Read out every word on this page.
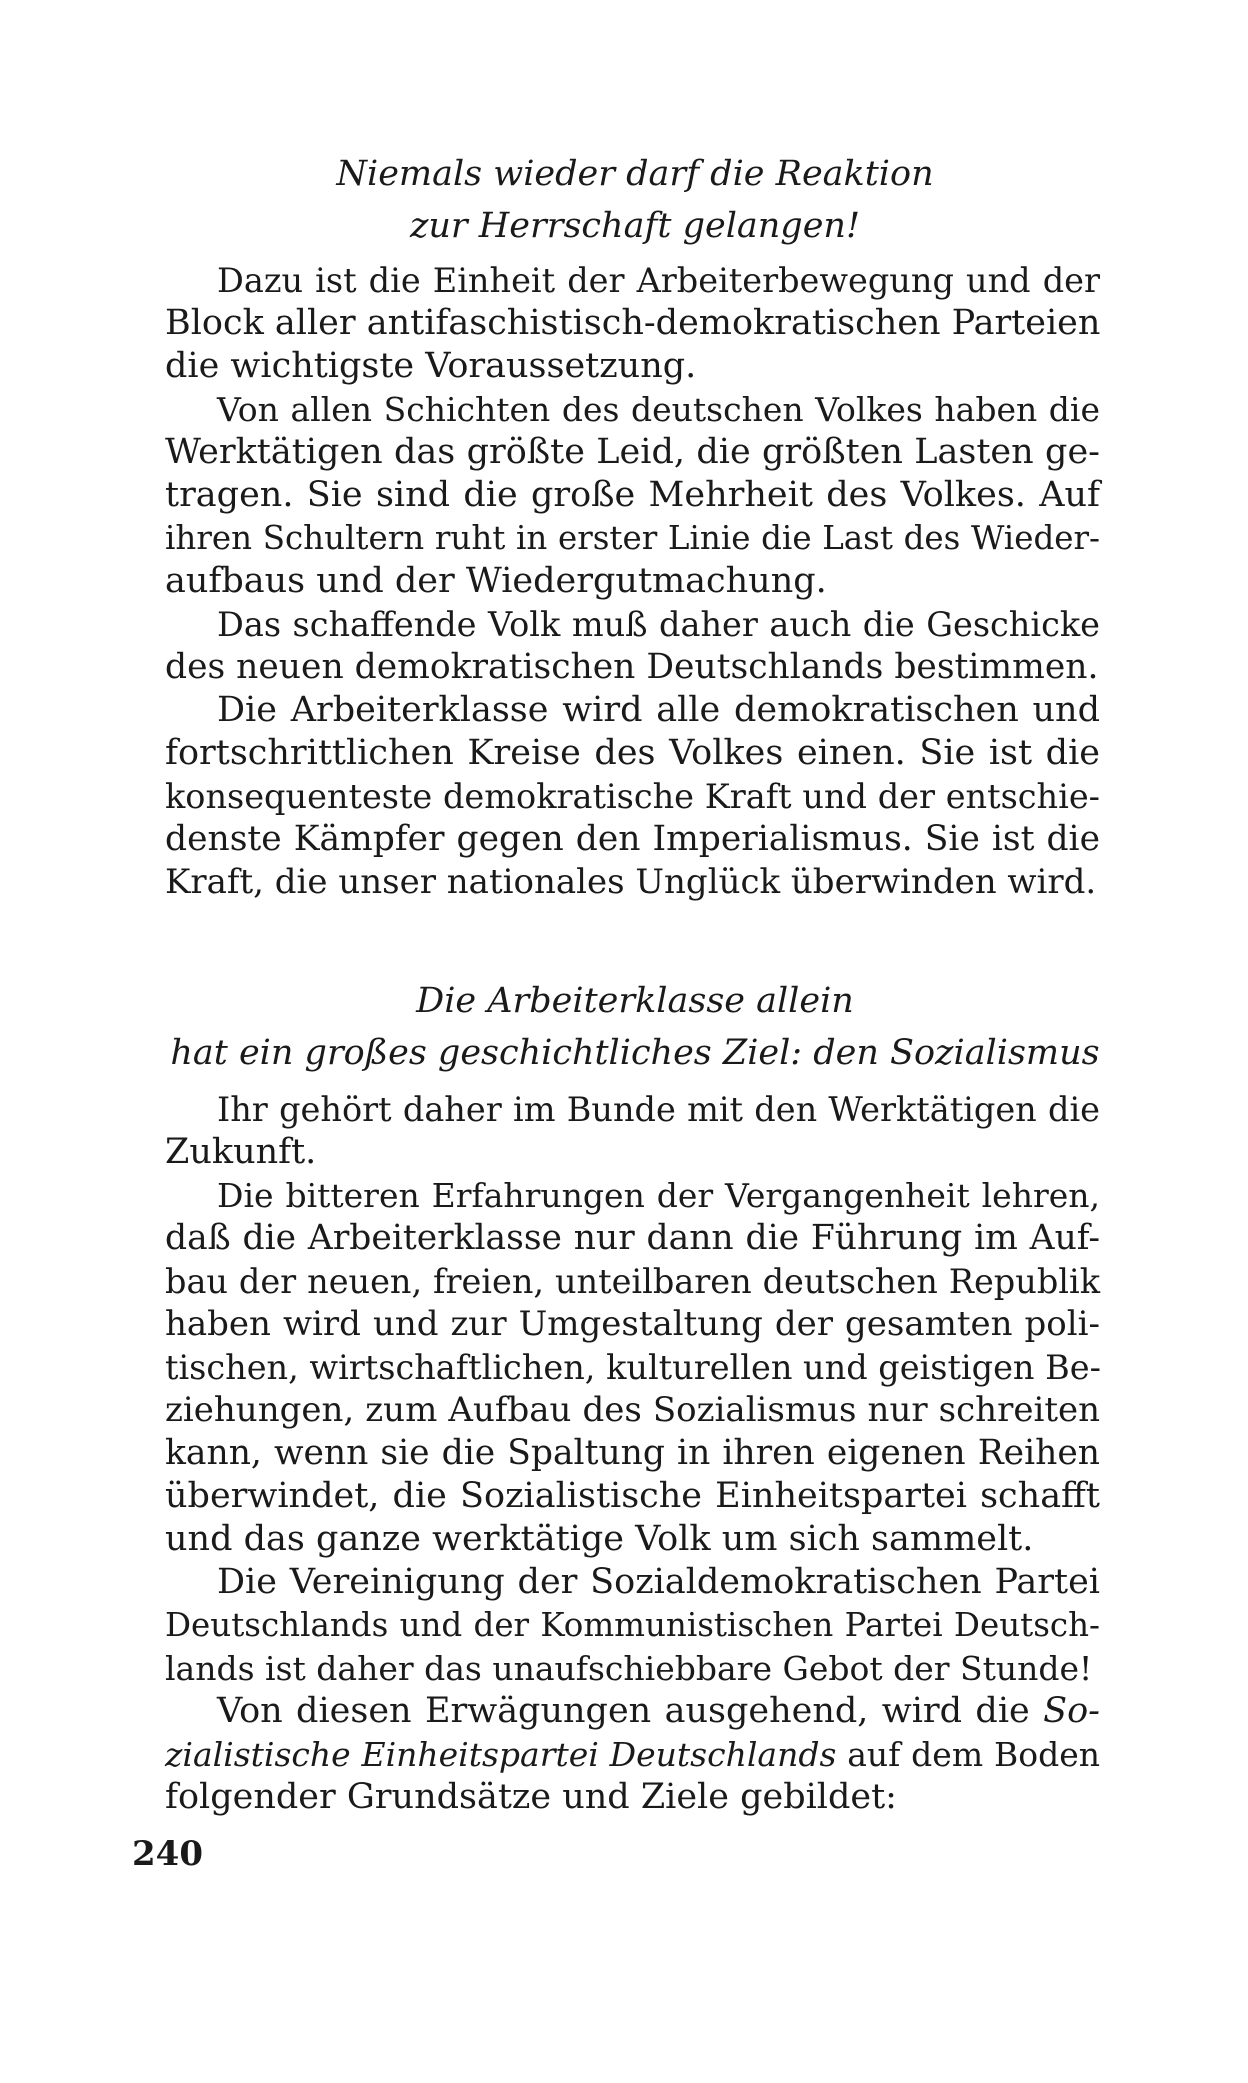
Niemals wieder darf die Reaktion
zur Herrschaft gelangen!
Dazu ist die Einheit der Arbeiterbewegung und der
Block aller antifaschistisch-demokratischen Parteien
die wichtigste Voraussetzung.
Von allen Schichten des deutschen Volkes haben die
Werktätigen das größte Leid, die größten Lasten ge-
tragen. Sie sind die große Mehrheit des Volkes. Auf
ihren Schultern ruht in erster Linie die Last des Wieder-
aufbaus und der Wiedergutmachung.
Das schaffende Volk muß daher auch die Geschicke
des neuen demokratischen Deutschlands bestimmen.
Die Arbeiterklasse wird alle demokratischen und
fortschrittlichen Kreise des Volkes einen. Sie ist die
konsequenteste demokratische Kraft und der entschie-
denste Kämpfer gegen den Imperialismus. Sie ist die
Kraft, die unser nationales Unglück überwinden wird.
Die Arbeiterklasse allein
hat ein großes geschichtliches Ziel: den Sozialismus
Ihr gehört daher im Bunde mit den Werktätigen die
Zukunft.
Die bitteren Erfahrungen der Vergangenheit lehren,
daß die Arbeiterklasse nur dann die Führung im Auf-
bau der neuen, freien, unteilbaren deutschen Republik
haben wird und zur Umgestaltung der gesamten poli-
tischen, wirtschaftlichen, kulturellen und geistigen Be-
ziehungen, zum Aufbau des Sozialismus nur schreiten
kann, wenn sie die Spaltung in ihren eigenen Reihen
überwindet, die Sozialistische Einheitspartei schafft
und das ganze werktätige Volk um sich sammelt.
Die Vereinigung der Sozialdemokratischen Partei
Deutschlands und der Kommunistischen Partei Deutsch-
lands ist daher das unaufschiebbare Gebot der Stunde!
Von diesen Erwägungen ausgehend, wird die So-
zialistische Einheitspartei Deutschlands auf dem Boden
folgender Grundsätze und Ziele gebildet:
240
